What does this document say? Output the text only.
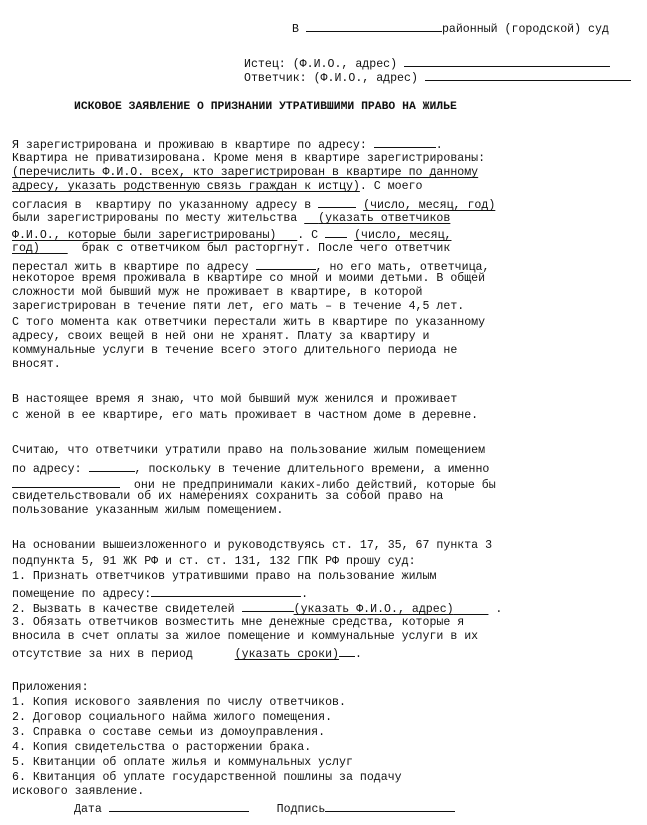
В	районный (городской) суд
Истец: (Ф.И.О., адрес)
Ответчик: (Ф.И.О., адрес)
ИСКОВОЕ ЗАЯВЛЕНИЕ О ПРИЗНАНИИ УТРАТИВШИМИ ПРАВО НА ЖИЛЬЕ
Я зарегистрирована и проживаю в квартире по адресу:	.
Квартира не приватизирована. Кроме меня в квартире зарегистрированы:
(перечислить Ф.И.О. всех, кто зарегистрирован в квартире по данному
адресу, указать родственную связь граждан к истцу). С моего
согласия в  квартиру по указанному адресу в	(число, месяц, год)
были зарегистрированы по месту жительства (указать ответчиков
Ф.И.О., которые были зарегистрированы) . С	(число, месяц,
год)	брак с ответчиком был расторгнут. После чего ответчик
перестал жить в квартире по адресу	, но его мать, ответчица,
некоторое время проживала в квартире со мной и моими детьми. В общей
сложности мой бывший муж не проживает в квартире, в которой
зарегистрирован в течение пяти лет, его мать – в течение 4,5 лет.
С того момента как ответчики перестали жить в квартире по указанному
адресу, своих вещей в ней они не хранят. Плату за квартиру и
коммунальные услуги в течение всего этого длительного периода не
вносят.
В настоящее время я знаю, что мой бывший муж женился и проживает
с женой в ее квартире, его мать проживает в частном доме в деревне.
Считаю, что ответчики утратили право на пользование жилым помещением
по адресу:	, поскольку в течение длительного времени, а именно
они не предпринимали каких-либо действий, которые бы
свидетельствовали об их намерениях сохранить за собой право на
пользование указанным жилым помещением.
На основании вышеизложенного и руководствуясь ст. 17, 35, 67 пункта 3
подпункта 5, 91 ЖК РФ и ст. ст. 131, 132 ГПК РФ прошу суд:
1. Признать ответчиков утратившими право на пользование жилым
помещение по адресу:	.
2. Вызвать в качестве свидетелей	(указать Ф.И.О., адрес)	.
3. Обязать ответчиков возместить мне денежные средства, которые я
вносила в счет оплаты за жилое помещение и коммунальные услуги в их
отсутствие за них в период	(указать сроки) .
Приложения:
1. Копия искового заявления по числу ответчиков.
2. Договор социального найма жилого помещения.
3. Справка о составе семьи из домоуправления.
4. Копия свидетельства о расторжении брака.
5. Квитанции об оплате жилья и коммунальных услуг
6. Квитанция об уплате государственной пошлины за подачу
искового заявление.
Дата	Подпись
